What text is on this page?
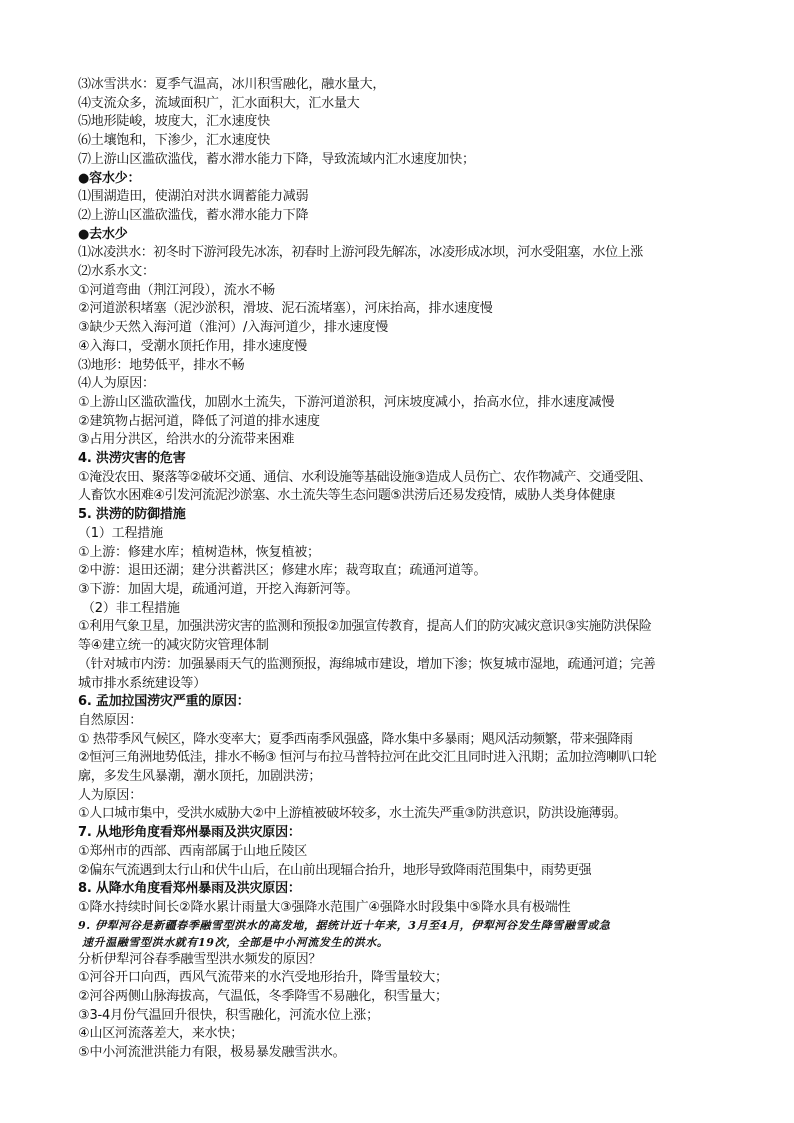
⑶冰雪洪水：夏季气温高，冰川积雪融化，融水量大，
⑷支流众多，流域面积广，汇水面积大，汇水量大
⑸地形陡峻，坡度大，汇水速度快
⑹土壤饱和，下渗少，汇水速度快
⑺上游山区滥砍滥伐，蓄水滞水能力下降，导致流域内汇水速度加快；
●容水少：
⑴围湖造田，使湖泊对洪水调蓄能力减弱
⑵上游山区滥砍滥伐，蓄水滞水能力下降
●去水少
⑴冰凌洪水：初冬时下游河段先冰冻，初春时上游河段先解冻，冰凌形成冰坝，河水受阻塞，水位上涨
⑵水系水文：
①河道弯曲（荆江河段），流水不畅
②河道淤积堵塞（泥沙淤积，滑坡、泥石流堵塞），河床抬高，排水速度慢
③缺少天然入海河道（淮河）/入海河道少，排水速度慢
④入海口，受潮水顶托作用，排水速度慢
⑶地形：地势低平，排水不畅
⑷人为原因：
①上游山区滥砍滥伐，加剧水土流失，下游河道淤积，河床坡度减小，抬高水位，排水速度减慢
②建筑物占据河道，降低了河道的排水速度
③占用分洪区，给洪水的分流带来困难
4. 洪涝灾害的危害
①淹没农田、聚落等②破坏交通、通信、水利设施等基础设施③造成人员伤亡、农作物减产、交通受阻、
人畜饮水困难④引发河流泥沙淤塞、水土流失等生态问题⑤洪涝后还易发疫情，威胁人类身体健康
5. 洪涝的防御措施
（1）工程措施
①上游：修建水库；植树造林，恢复植被；
②中游：退田还湖；建分洪蓄洪区；修建水库；裁弯取直；疏通河道等。
③下游：加固大堤，疏通河道，开挖入海新河等。
（2）非工程措施
①利用气象卫星，加强洪涝灾害的监测和预报②加强宣传教育，提高人们的防灾减灾意识③实施防洪保险
等④建立统一的减灾防灾管理体制
（针对城市内涝：加强暴雨天气的监测预报，海绵城市建设，增加下渗；恢复城市湿地，疏通河道；完善
城市排水系统建设等）
6. 孟加拉国涝灾严重的原因：
自然原因：
① 热带季风气候区，降水变率大；夏季西南季风强盛，降水集中多暴雨；飓风活动频繁，带来强降雨
②恒河三角洲地势低洼，排水不畅③ 恒河与布拉马普特拉河在此交汇且同时进入汛期；孟加拉湾喇叭口轮
廓，多发生风暴潮，潮水顶托，加剧洪涝；
人为原因：
①人口城市集中，受洪水威胁大②中上游植被破坏较多，水土流失严重③防洪意识，防洪设施薄弱。
7. 从地形角度看郑州暴雨及洪灾原因：
①郑州市的西部、西南部属于山地丘陵区
②偏东气流遇到太行山和伏牛山后，在山前出现辐合抬升，地形导致降雨范围集中，雨势更强
8. 从降水角度看郑州暴雨及洪灾原因：
①降水持续时间长②降水累计雨量大③强降水范围广④强降水时段集中⑤降水具有极端性
9. 伊犁河谷是新疆春季融雪型洪水的高发地，据统计近十年来，3月至4月，伊犁河谷发生降雪融雪或急
速升温融雪型洪水就有19次，全部是中小河流发生的洪水。
分析伊犁河谷春季融雪型洪水频发的原因？
①河谷开口向西，西风气流带来的水汽受地形抬升，降雪量较大；
②河谷两侧山脉海拔高，气温低，冬季降雪不易融化，积雪量大；
③3-4月份气温回升很快，积雪融化，河流水位上涨；
④山区河流落差大，来水快；
⑤中小河流泄洪能力有限，极易暴发融雪洪水。
